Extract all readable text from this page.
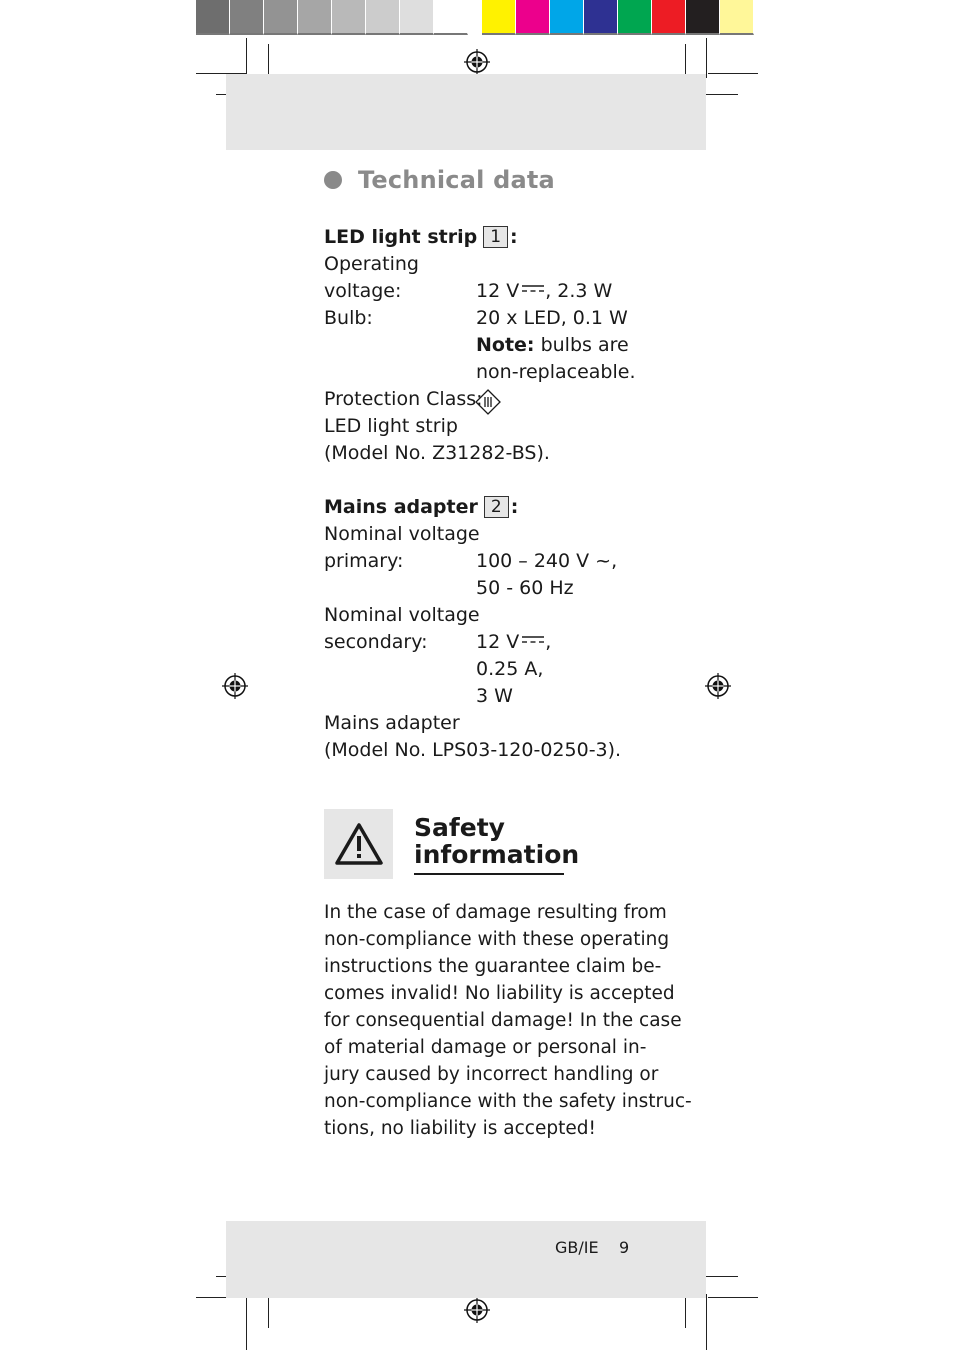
Technical data
LED light strip 1 :
Operating
voltage:	12 V , 2.3 W
Bulb:	20 x LED, 0.1 W
Note: bulbs are
non-replaceable.
Protection Class:
LED light strip
(Model No. Z31282-BS).
Mains adapter 2 :
Nominal voltage
primary:	100 – 240 V ~,
50 - 60 Hz
Nominal voltage
secondary:	12 V ,
0.25 A,
3 W
Mains adapter
(Model No. LPS03-120-0250-3).
Safety
information
In the case of damage resulting from
non-compliance with these operating
instructions the guarantee claim be-
comes invalid! No liability is accepted
for consequential damage! In the case
of material damage or personal in-
jury caused by incorrect handling or
non-compliance with the safety instruc-
tions, no liability is accepted!
GB/IE 9
